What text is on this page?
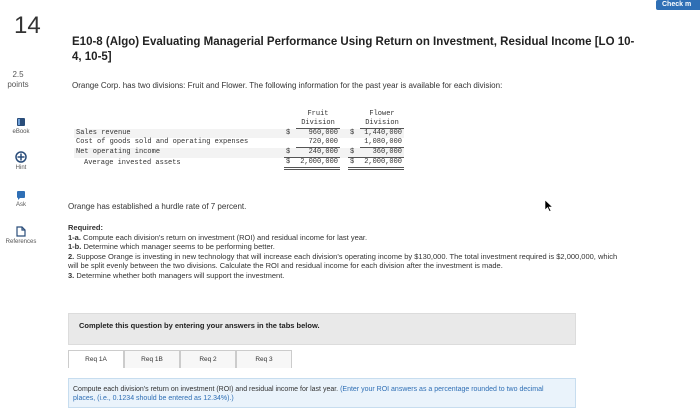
Check m
14
2.5
points
eBook
Hint
Ask
References
E10-8 (Algo) Evaluating Managerial Performance Using Return on Investment, Residual Income [LO 10-4, 10-5]
Orange Corp. has two divisions: Fruit and Flower. The following information for the past year is available for each division:
		Fruit			Flower
		Division			Division
Sales revenue	$	960,000		$	1,440,000
Cost of goods sold and operating expenses		720,000			1,080,000
Net operating income	$	240,000		$	360,000
Average invested assets	$	2,000,000		$	2,000,000
Orange has established a hurdle rate of 7 percent.
Required:
1-a. Compute each division's return on investment (ROI) and residual income for last year.
1-b. Determine which manager seems to be performing better.
2. Suppose Orange is investing in new technology that will increase each division's operating income by $130,000. The total investment required is $2,000,000, which will be split evenly between the two divisions. Calculate the ROI and residual income for each division after the investment is made.
3. Determine whether both managers will support the investment.
Complete this question by entering your answers in the tabs below.
Req 1A	Req 1B	Req 2	Req 3

Compute each division's return on investment (ROI) and residual income for last year. (Enter your ROI answers as a percentage rounded to two decimal places, (i.e., 0.1234 should be entered as 12.34%).)
